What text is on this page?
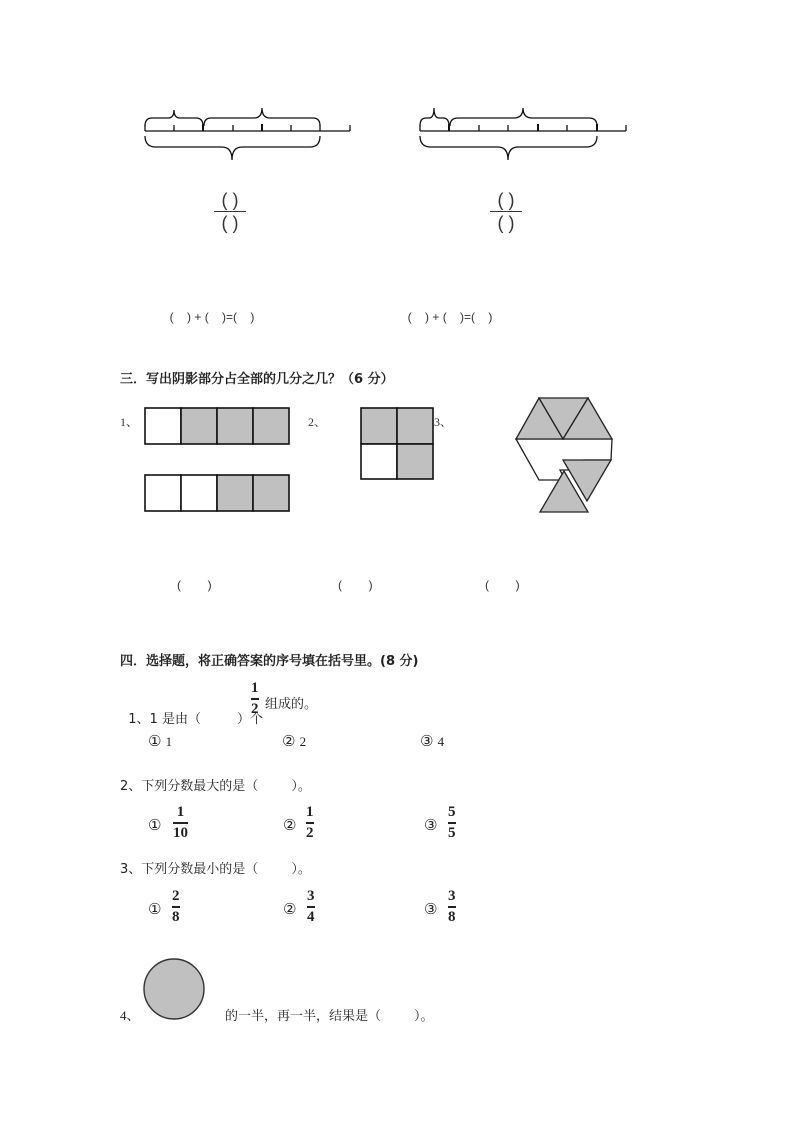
( )
( )
( )
( )

(    ) + (    )=(    )	(    ) + (    )=(    )

三．写出阴影部分占全部的几分之几？（6 分）
1、	2、	3、
(        )	(        )	(        )
四．选择题，将正确答案的序号填在括号里。(8 分)

1、1 是由（	）个

1
2 组成的。
① 1	② 2	③ 4
2、下列分数最大的是（        ）。
①
1
10	②
1
2	③
5
5
3、下列分数最小的是（        ）。
①
2
8	②
3
4	③
3
8
4、	的一半，再一半，结果是（        ）。
